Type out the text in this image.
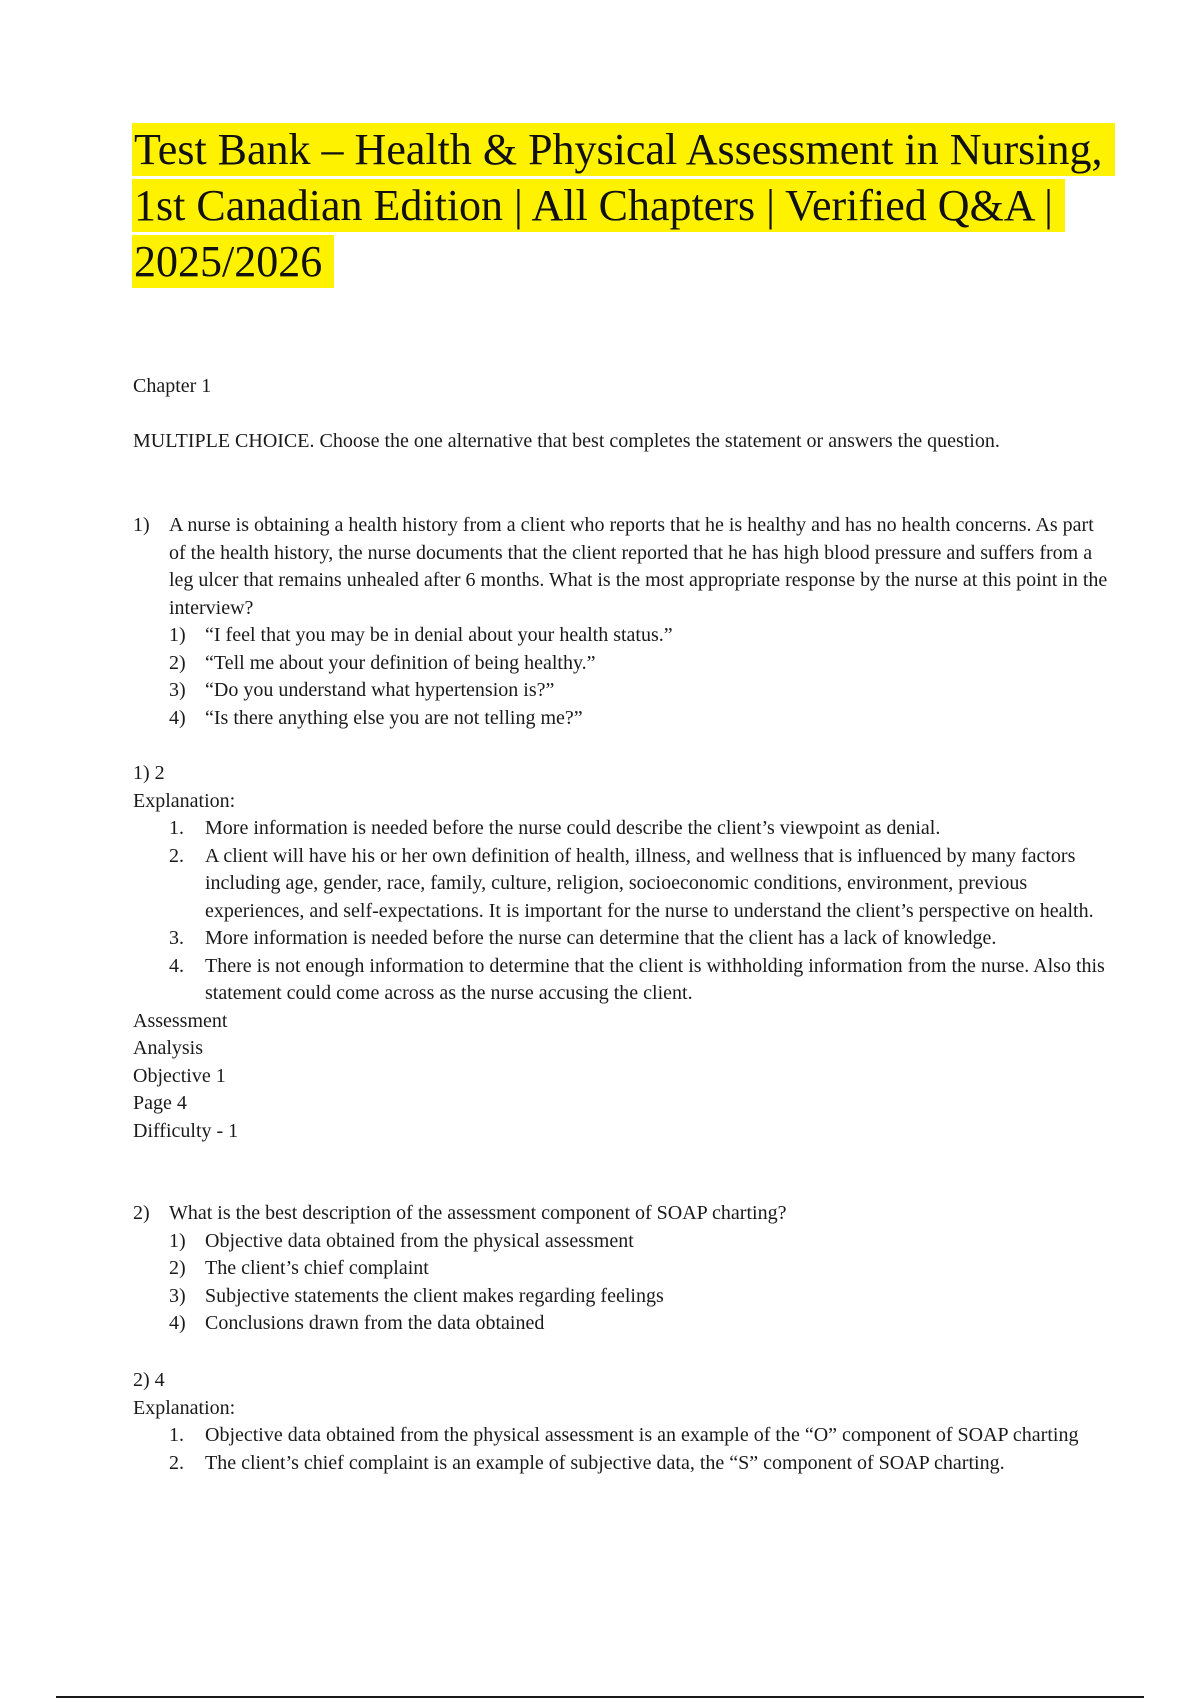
Test Bank – Health & Physical Assessment in Nursing, 1st Canadian Edition | All Chapters | Verified Q&A | 2025/2026
Chapter 1
MULTIPLE CHOICE. Choose the one alternative that best completes the statement or answers the question.
1) A nurse is obtaining a health history from a client who reports that he is healthy and has no health concerns. As part of the health history, the nurse documents that the client reported that he has high blood pressure and suffers from a leg ulcer that remains unhealed after 6 months. What is the most appropriate response by the nurse at this point in the interview?
1) “I feel that you may be in denial about your health status.”
2) “Tell me about your definition of being healthy.”
3) “Do you understand what hypertension is?”
4) “Is there anything else you are not telling me?”
1) 2
Explanation:
1.	More information is needed before the nurse could describe the client’s viewpoint as denial.
2.	A client will have his or her own definition of health, illness, and wellness that is influenced by many factors including age, gender, race, family, culture, religion, socioeconomic conditions, environment, previous experiences, and self-expectations. It is important for the nurse to understand the client’s perspective on health.
3.	More information is needed before the nurse can determine that the client has a lack of knowledge.
4.	There is not enough information to determine that the client is withholding information from the nurse. Also this statement could come across as the nurse accusing the client.
Assessment
Analysis
Objective 1
Page 4
Difficulty - 1
2) What is the best description of the assessment component of SOAP charting?
1) Objective data obtained from the physical assessment
2) The client’s chief complaint
3) Subjective statements the client makes regarding feelings
4) Conclusions drawn from the data obtained
2) 4
Explanation:
1.	Objective data obtained from the physical assessment is an example of the “O” component of SOAP charting
2.	The client’s chief complaint is an example of subjective data, the “S” component of SOAP charting.
